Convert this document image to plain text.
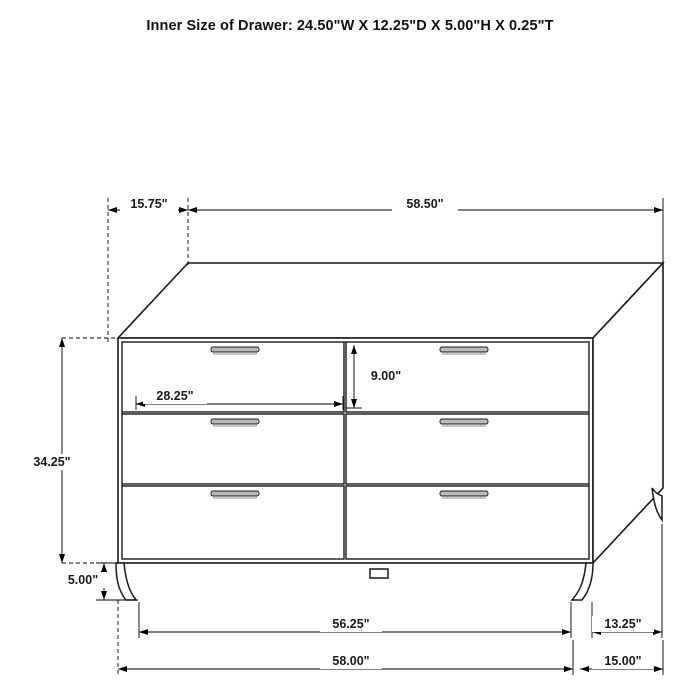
Inner Size of Drawer: 24.50"W X 12.25"D X 5.00"H X 0.25"T
15.75"	58.50"
28.25"
9.00"
34.25"
5.00"
56.25"
58.00"
13.25"
15.00"
